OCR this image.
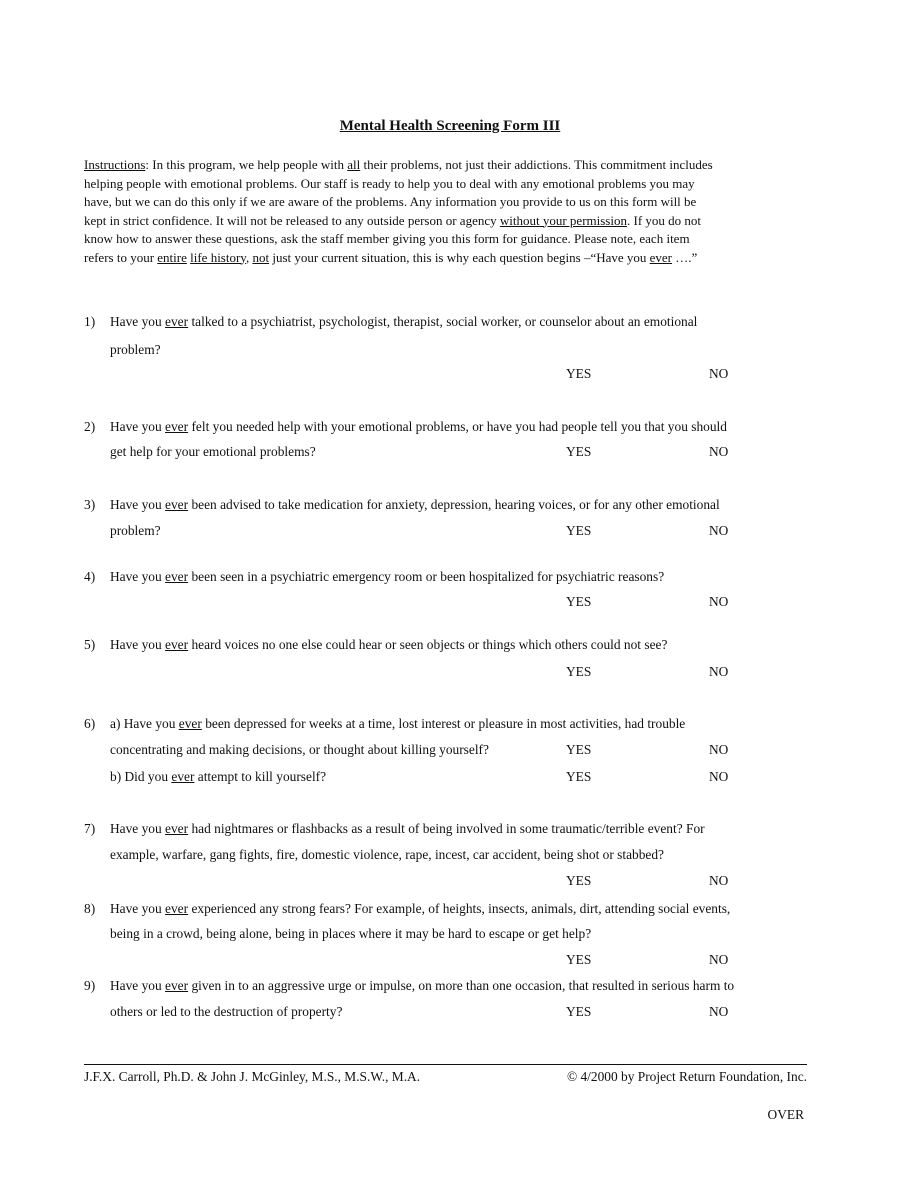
Mental Health Screening Form III
Instructions: In this program, we help people with all their problems, not just their addictions. This commitment includes
helping people with emotional problems. Our staff is ready to help you to deal with any emotional problems you may
have, but we can do this only if we are aware of the problems. Any information you provide to us on this form will be
kept in strict confidence. It will not be released to any outside person or agency without your permission. If you do not
know how to answer these questions, ask the staff member giving you this form for guidance. Please note, each item
refers to your entire life history, not just your current situation, this is why each question begins –“Have you ever ….”
1) Have you ever talked to a psychiatrist, psychologist, therapist, social worker, or counselor about an emotional
problem?
YES	NO
2) Have you ever felt you needed help with your emotional problems, or have you had people tell you that you should
get help for your emotional problems?	YES	NO
3) Have you ever been advised to take medication for anxiety, depression, hearing voices, or for any other emotional
problem?	YES	NO
4) Have you ever been seen in a psychiatric emergency room or been hospitalized for psychiatric reasons?
YES	NO
5) Have you ever heard voices no one else could hear or seen objects or things which others could not see?
YES	NO
6) a) Have you ever been depressed for weeks at a time, lost interest or pleasure in most activities, had trouble
concentrating and making decisions, or thought about killing yourself?	YES	NO
b) Did you ever attempt to kill yourself?	YES	NO
7) Have you ever had nightmares or flashbacks as a result of being involved in some traumatic/terrible event? For
example, warfare, gang fights, fire, domestic violence, rape, incest, car accident, being shot or stabbed?
YES	NO
8) Have you ever experienced any strong fears? For example, of heights, insects, animals, dirt, attending social events,
being in a crowd, being alone, being in places where it may be hard to escape or get help?
YES	NO
9) Have you ever given in to an aggressive urge or impulse, on more than one occasion, that resulted in serious harm to
others or led to the destruction of property?	YES	NO
J.F.X. Carroll, Ph.D. & John J. McGinley, M.S., M.S.W., M.A.	© 4/2000 by Project Return Foundation, Inc.
OVER
